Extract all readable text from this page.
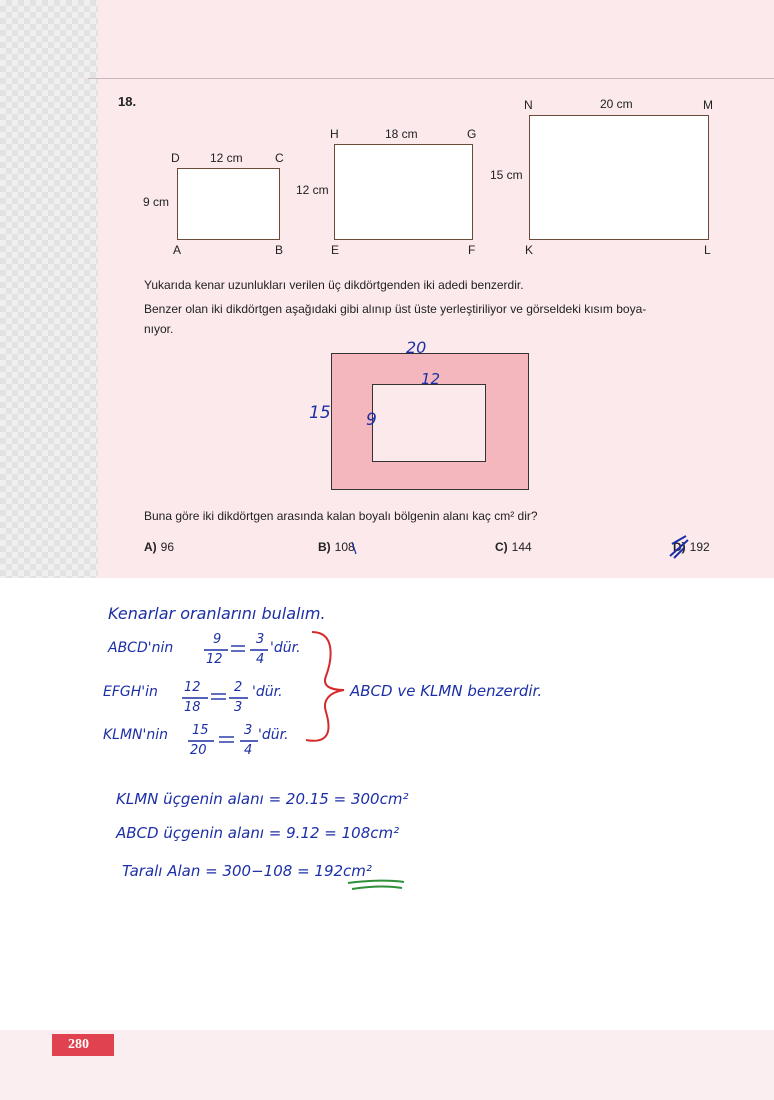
18.
D	C
A	B
12 cm
9 cm
H	G
E	F
18 cm
12 cm
N	M
K	L
20 cm
15 cm
Yukarıda kenar uzunlukları verilen üç dikdörtgenden iki adedi benzerdir.
Benzer olan iki dikdörtgen aşağıdaki gibi alınıp üst üste yerleştiriliyor ve görseldeki kısım boya-
nıyor.
20
12
15 9
Buna göre iki dikdörtgen arasında kalan boyalı bölgenin alanı kaç cm² dir?
A) 96	B) 108	C) 144	D) 192
Kenarlar oranlarını bulalım.
ABCD'nin
9
12
3
4
'dür.
EFGH'in 12
18
2
3
'dür.
KLMN'nin 15
20
3
4
'dür.
ABCD ve KLMN benzerdir.
KLMN üçgenin alanı = 20.15 = 300cm²
ABCD üçgenin alanı = 9.12 = 108cm²
Taralı Alan = 300−108 = 192cm²
280
